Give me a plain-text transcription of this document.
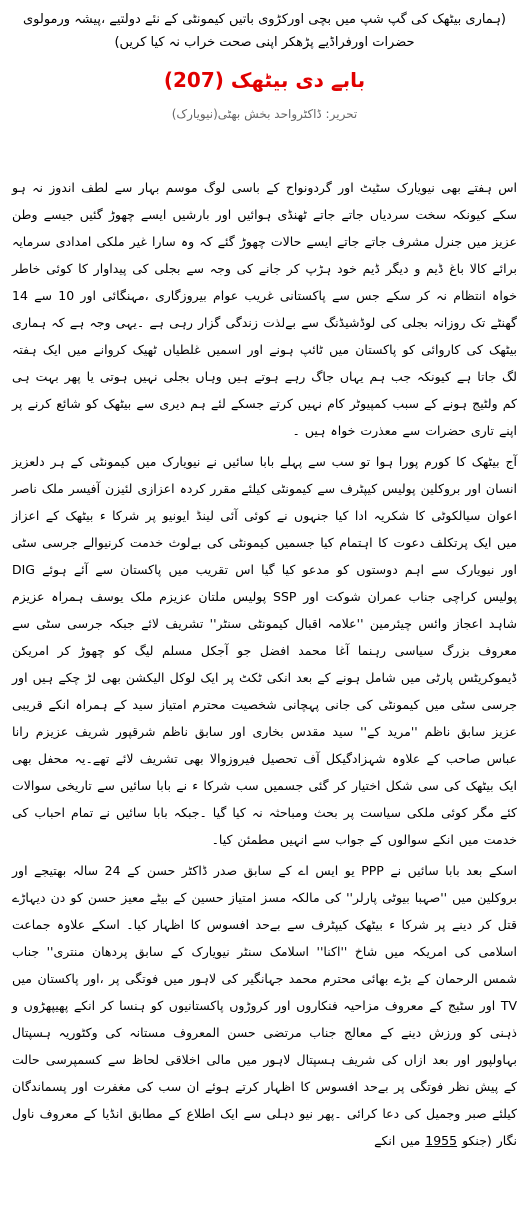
(ہماری بیٹھک کی گپ شپ میں بچی اورکڑوی باتیں کیمونٹی کے نئے دولتیے ،پیشہ ورمولوی حضرات اورفراڈیے پڑھکر اپنی صحت خراب نہ کیا کریں)

بابے دی بیٹھک (207)
تحریر: ڈاکٹرواحد بخش بھٹی(نیویارک)

اس ہفتے بھی نیویارک سٹیٹ اور گردونواح کے باسی لوگ موسم بہار سے لطف اندوز نہ ہو سکے کیونکہ سخت سردیاں جاتے جاتے ٹھنڈی ہوائیں اور بارشیں ایسے چھوڑ گئیں جیسے وطن عزیز میں جنرل مشرف جاتے جاتے ایسے حالات چھوڑ گئے کہ وہ سارا غیر ملکی امدادی سرمایہ برائے کالا باغ ڈیم و دیگر ڈیم خود ہڑپ کر جانے کی وجہ سے بجلی کی پیداوار کا کوئی خاطر خواہ انتظام نہ کر سکے جس سے پاکستانی غریب عوام بیروزگاری ،مہنگائی اور 10 سے 14 گھنٹے تک روزانہ بجلی کی لوڈشیڈنگ سے بےلذت زندگی گزار رہی ہے ۔یہی وجہ ہے کہ ہماری بیٹھک کی کاروائی کو پاکستان میں ٹائپ ہونے اور اسمیں غلطیاں ٹھیک کروانے میں ایک ہفتہ لگ جاتا ہے کیونکہ جب ہم یہاں جاگ رہے ہوتے ہیں وہاں بجلی نہیں ہوتی یا پھر بہت ہی کم ولٹیج ہونے کے سبب کمپیوٹر کام نہیں کرتے جسکے لئے ہم دیری سے بیٹھک کو شائع کرنے پر اپنے تاری حضرات سے معذرت خواہ ہیں ۔

آج بیٹھک کا کورم پورا ہوا تو سب سے پہلے بابا سائیں نے نیویارک میں کیمونٹی کے ہر دلعزیز انسان اور بروکلین پولیس کیپٹرف سے کیمونٹی کیلئے مقرر کردہ اعزازی لئیزن آفیسر ملک ناصر اعوان سیالکوٹی کا شکریہ ادا کیا جنہوں نے کوئی آئی لینڈ ایونیو پر شرکا ء بیٹھک کے اعزاز میں ایک پرتکلف دعوت کا اہتمام کیا جسمیں کیمونٹی کی بےلوث خدمت کرنیوالے جرسی سٹی اور نیویارک سے اہم دوستوں کو مدعو کیا گیا اس تقریب میں پاکستان سے آئے ہوئے DIG پولیس کراچی جناب عمران شوکت اور SSP پولیس ملتان عزیزم ملک یوسف ہمراہ عزیزم شاہد اعجاز وائس چیئرمین ''علامہ اقبال کیمونٹی سنٹر'' تشریف لائے جبکہ جرسی سٹی سے معروف بزرگ سیاسی رہنما آغا محمد افضل جو آجکل مسلم لیگ کو چھوڑ کر امریکن ڈیموکریٹس پارٹی میں شامل ہونے کے بعد انکی ٹکٹ پر ایک لوکل الیکشن بھی لڑ چکے ہیں اور جرسی سٹی میں کیمونٹی کی جانی پہچانی شخصیت محترم امتیاز سید کے ہمراہ انکے قریبی عزیز سابق ناظم ''مرید کے'' سید مقدس بخاری اور سابق ناظم شرقپور شریف عزیزم رانا عباس صاحب کے علاوہ شہزادگیکل آف تحصیل فیروزوالا بھی تشریف لائے تھے۔یہ محفل بھی ایک بیٹھک کی سی شکل اختیار کر گئی جسمیں سب شرکا ء نے بابا سائیں سے تاریخی سوالات کئے مگر کوئی ملکی سیاست پر بحث ومباحثہ نہ کیا گیا ۔جبکہ بابا سائیں نے تمام احباب کی خدمت میں انکے سوالوں کے جواب سے انہیں مطمئن کیا۔

اسکے بعد بابا سائیں نے PPP یو ایس اے کے سابق صدر ڈاکٹر حسن کے 24 سالہ بھتیجے اور بروکلین میں ''صہبا بیوٹی پارلر'' کی مالکہ مسز امتیاز حسین کے بیٹے معیز حسن کو دن دیہاڑے قتل کر دینے پر شرکا ء بیٹھک کیپٹرف سے بےحد افسوس کا اظہار کیا۔ اسکے علاوہ جماعت اسلامی کی امریکہ میں شاخ ''اکنا'' اسلامک سنٹر نیویارک کے سابق پردھان منتری'' جناب شمس الرحمان کے بڑے بھائی محترم محمد جہانگیر کی لاہور میں فوتگی پر ،اور پاکستان میں TV اور سٹیج کے معروف مزاحیہ فنکاروں اور کروڑوں پاکستانیوں کو ہنسا کر انکے پھیپھڑوں و ذہنی کو ورزش دینے کے معالج جناب مرتضی حسن المعروف مستانہ کی وکٹوریہ ہسپتال بہاولپور اور بعد ازاں کی شریف ہسپتال لاہور میں مالی اخلاقی لحاظ سے کسمپرسی حالت کے پیش نظر فوتگی پر بےحد افسوس کا اظہار کرتے ہوئے ان سب کی مغفرت اور پسماندگان کیلئے صبر وجمیل کی دعا کرائی ۔پھر نیو دہلی سے ایک اطلاع کے مطابق انڈیا کے معروف ناول نگار (جنکو 1955 میں انکے
